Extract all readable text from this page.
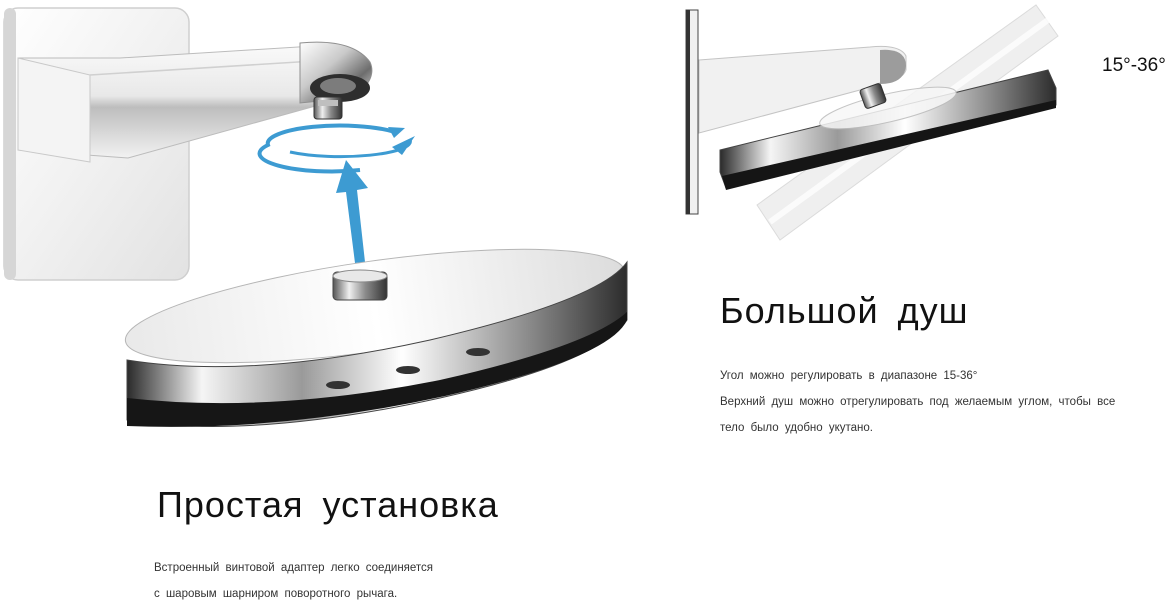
15°-36°
Большой душ
Угол можно регулировать в диапазоне 15-36°
Верхний душ можно отрегулировать под желаемым углом, чтобы все
тело было удобно укутано.
Простая установка
Встроенный винтовой адаптер легко соединяется
с шаровым шарниром поворотного рычага.
